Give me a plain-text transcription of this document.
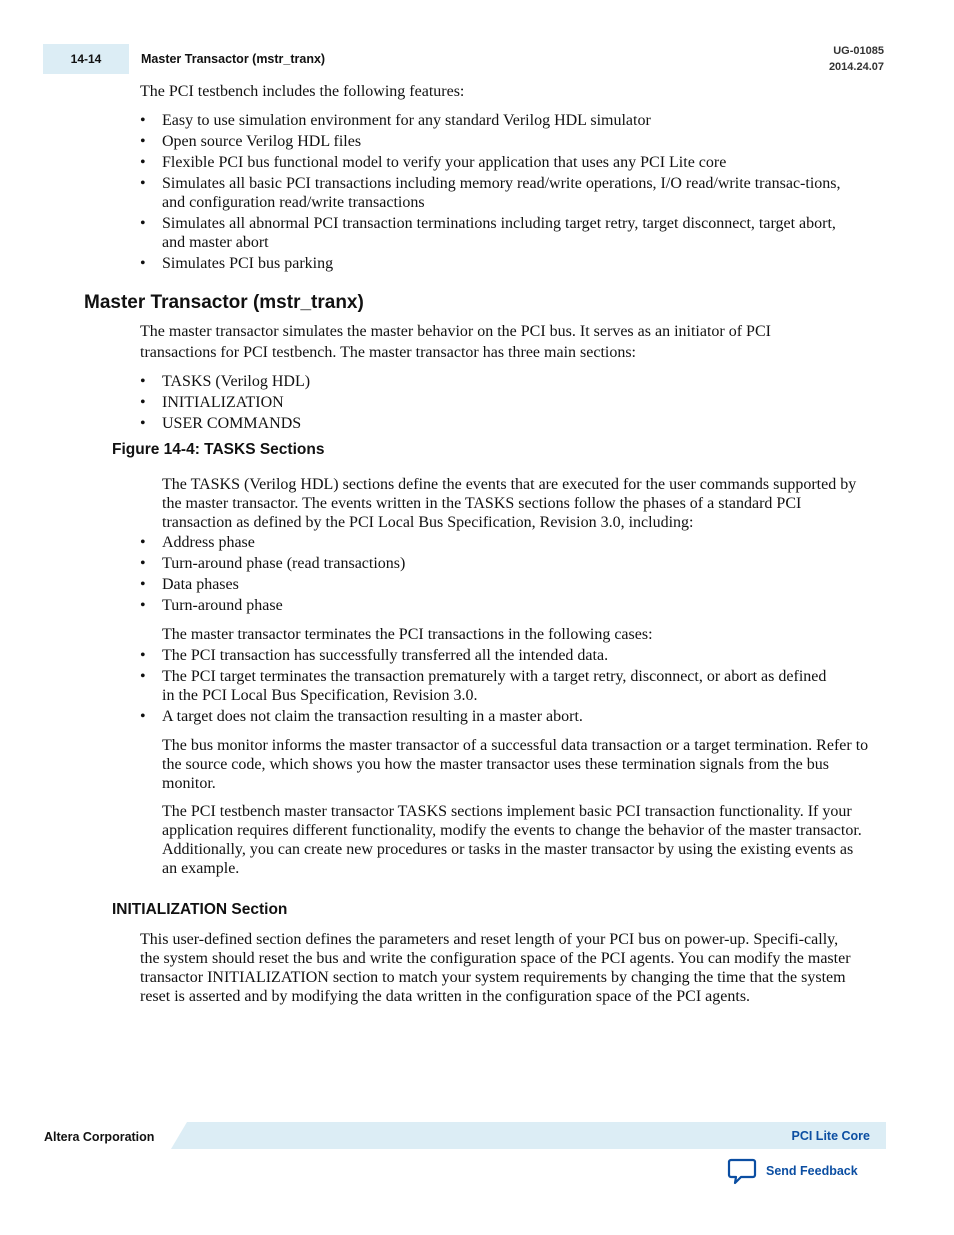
14-14	Master Transactor (mstr_tranx)
UG-01085
2014.24.07

The PCI testbench includes the following features:

• Easy to use simulation environment for any standard Verilog HDL simulator
• Open source Verilog HDL files
• Flexible PCI bus functional model to verify your application that uses any PCI Lite core
• Simulates all basic PCI transactions including memory read/write operations, I/O read/write transac-tions, and configuration read/write transactions
• Simulates all abnormal PCI transaction terminations including target retry, target disconnect, target abort, and master abort
• Simulates PCI bus parking
Master Transactor (mstr_tranx)

The master transactor simulates the master behavior on the PCI bus. It serves as an initiator of PCI transactions for PCI testbench. The master transactor has three main sections:

• TASKS (Verilog HDL)
• INITIALIZATION
• USER COMMANDS
Figure 14-4: TASKS Sections

The TASKS (Verilog HDL) sections define the events that are executed for the user commands supported by the master transactor. The events written in the TASKS sections follow the phases of a standard PCI transaction as defined by the PCI Local Bus Specification, Revision 3.0, including:

• Address phase
• Turn-around phase (read transactions)
• Data phases
• Turn-around phase

The master transactor terminates the PCI transactions in the following cases:

• The PCI transaction has successfully transferred all the intended data.
• The PCI target terminates the transaction prematurely with a target retry, disconnect, or abort as defined in the PCI Local Bus Specification, Revision 3.0.
• A target does not claim the transaction resulting in a master abort.

The bus monitor informs the master transactor of a successful data transaction or a target termination. Refer to the source code, which shows you how the master transactor uses these termination signals from the bus monitor.

The PCI testbench master transactor TASKS sections implement basic PCI transaction functionality. If your application requires different functionality, modify the events to change the behavior of the master transactor. Additionally, you can create new procedures or tasks in the master transactor by using the existing events as an example.

INITIALIZATION Section

This user-defined section defines the parameters and reset length of your PCI bus on power-up. Specifi-cally, the system should reset the bus and write the configuration space of the PCI agents. You can modify the master transactor INITIALIZATION section to match your system requirements by changing the time that the system reset is asserted and by modifying the data written in the configuration space of the PCI agents.

Altera Corporation	PCI Lite Core
Send Feedback
